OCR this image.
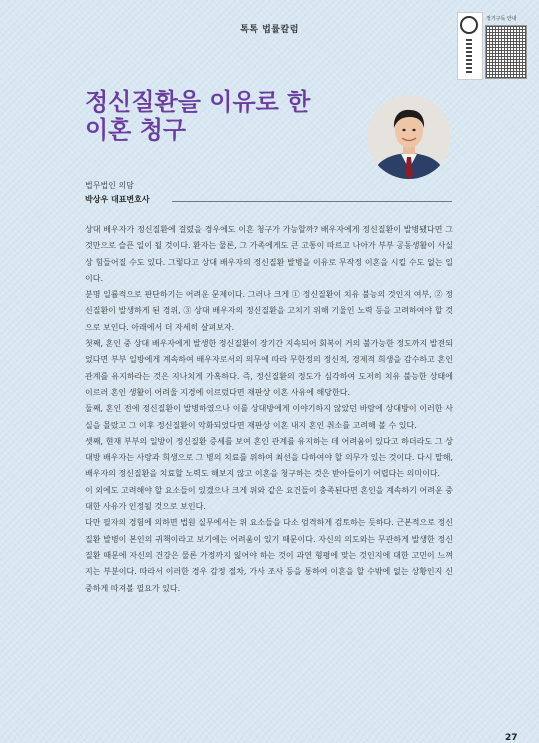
톡톡 법률칼럼
정기구독 안내
정신질환을 이유로 한
이혼 청구
법무법인 의담
박상우 대표변호사

상대 배우자가 정신질환에 걸렸을 경우에도 이혼 청구가 가능할까? 배우자에게 정신질환이 발병됐다면 그것만으로 슬픈 일이 될 것이다. 환자는 물론, 그 가족에게도 큰 고통이 따르고 나아가 부부 공동생활이 사실상 힘들어질 수도 있다. 그렇다고 상대 배우자의 정신질환 발병을 이유로 무작정 이혼을 시킬 수도 없는 일이다.

분명 일률적으로 판단하기는 어려운 문제이다. 그러나 크게 ① 정신질환이 치유 불능의 것인지 여부, ② 정신질환이 발생하게 된 경위, ③ 상대 배우자의 정신질환을 고치기 위해 기울인 노력 등을 고려하여야 할 것으로 보인다. 아래에서 더 자세히 살펴보자.

첫째, 혼인 중 상대 배우자에게 발생한 정신질환이 장기간 지속되어 회복이 거의 불가능한 정도까지 발전되었다면 부부 일방에게 계속하여 배우자로서의 의무에 따라 무한정의 정신적, 경제적 희생을 감수하고 혼인 관계를 유지하라는 것은 지나치게 가혹하다. 즉, 정신질환의 정도가 심각하여 도저히 치유 불능한 상태에 이르러 혼인 생활이 어려울 지경에 이르렀다면 재판상 이혼 사유에 해당한다.

둘째, 혼인 전에 정신질환이 발병하였으나 이를 상대방에게 이야기하지 않았던 바람에 상대방이 이러한 사실을 몰랐고 그 이후 정신질환이 악화되었다면 재판상 이혼 내지 혼인 취소를 고려해 볼 수 있다.

셋째, 현재 부부의 일방이 정신질환 증세를 보여 혼인 관계를 유지하는 데 어려움이 있다고 하더라도 그 상대방 배우자는 사랑과 희생으로 그 병의 치료를 위하여 최선을 다하여야 할 의무가 있는 것이다. 다시 말해, 배우자의 정신질환을 치료할 노력도 해보지 않고 이혼을 청구하는 것은 받아들이기 어렵다는 의미이다.

이 외에도 고려해야 할 요소들이 있겠으나 크게 위와 같은 요건들이 충족된다면 혼인을 계속하기 어려운 중대한 사유가 인정될 것으로 보인다.

다만 필자의 경험에 의하면 법원 실무에서는 위 요소들을 다소 엄격하게 검토하는 듯하다. 근본적으로 정신질환 발병이 본인의 귀책이라고 보기에는 어려움이 있기 때문이다. 자신의 의도와는 무관하게 발생한 정신질환 때문에 자신의 건강은 물론 가정까지 잃어야 하는 것이 과연 형평에 맞는 것인지에 대한 고민이 느껴지는 부분이다. 따라서 이러한 경우 감정 절차, 가사 조사 등을 통하여 이혼을 할 수밖에 없는 상황인지 신중하게 따져볼 필요가 있다.

27
